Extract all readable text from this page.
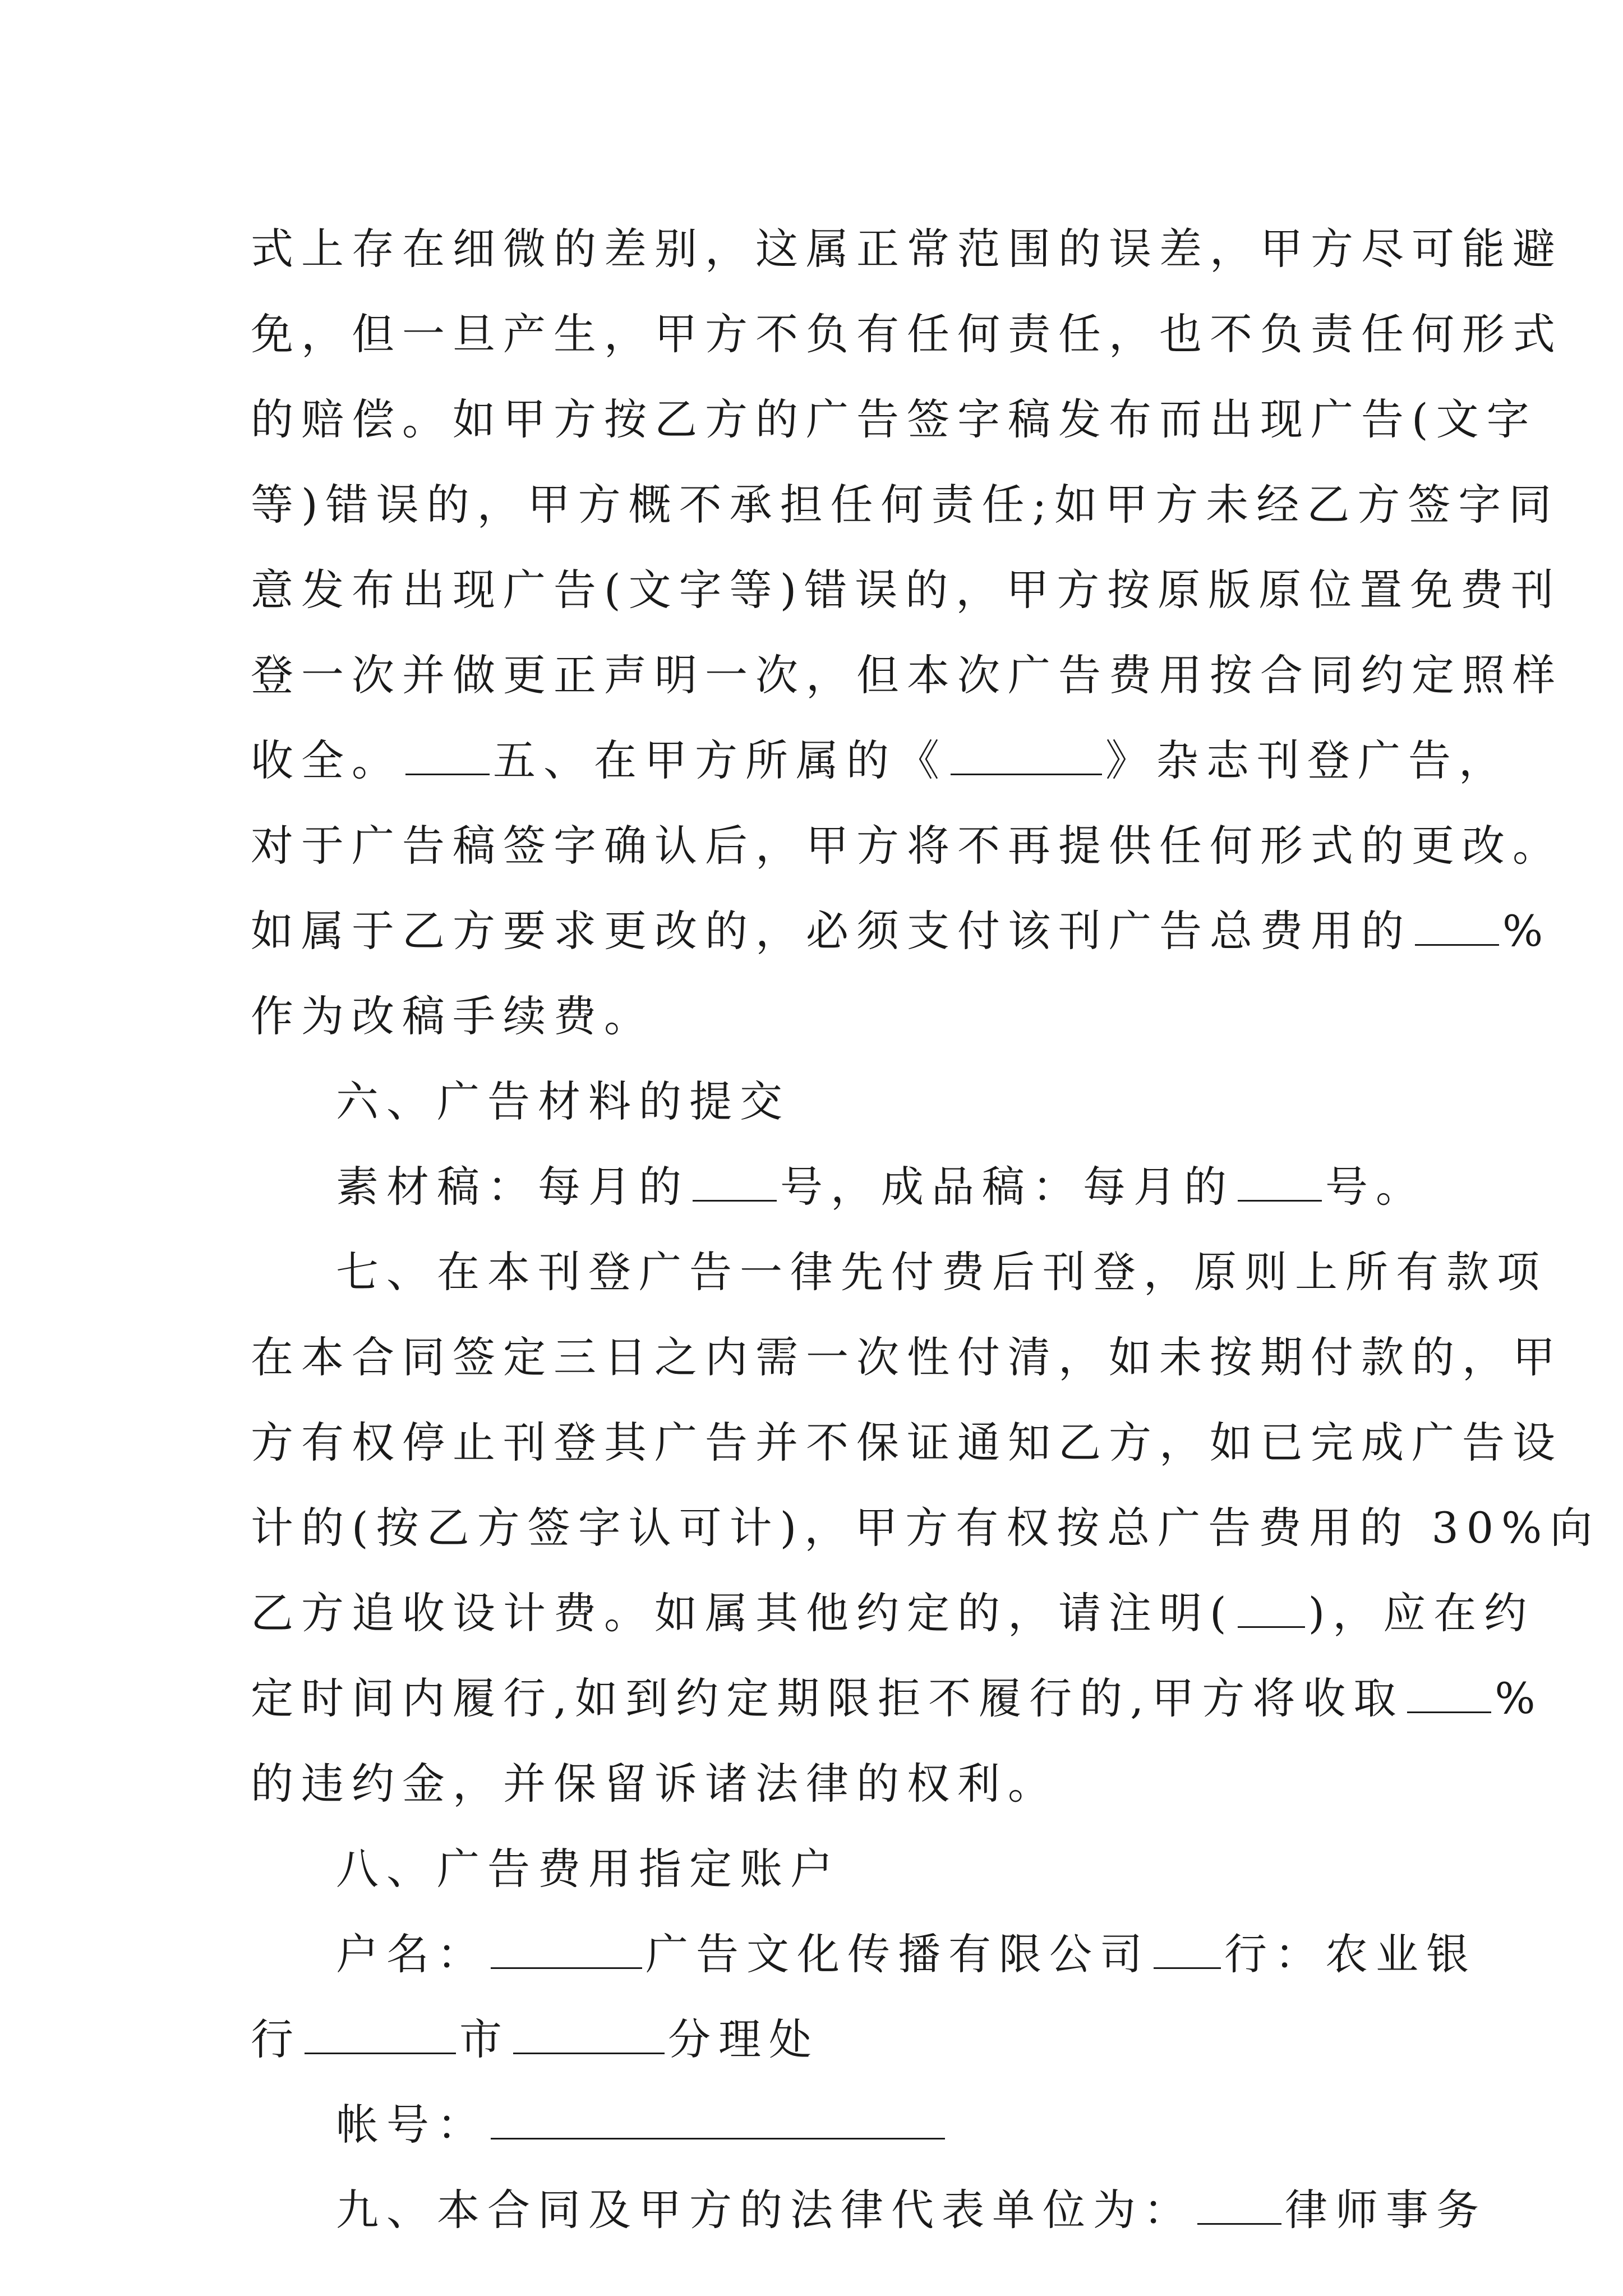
式上存在细微的差别，这属正常范围的误差，甲方尽可能避
免，但一旦产生，甲方不负有任何责任，也不负责任何形式
的赔偿。如甲方按乙方的广告签字稿发布而出现广告(文字
等)错误的，甲方概不承担任何责任;如甲方未经乙方签字同
意发布出现广告(文字等)错误的，甲方按原版原位置免费刊
登一次并做更正声明一次，但本次广告费用按合同约定照样
收全。 五、在甲方所属的《	》杂志刊登广告，
对于广告稿签字确认后，甲方将不再提供任何形式的更改。
如属于乙方要求更改的，必须支付该刊广告总费用的 %
作为改稿手续费。
六、广告材料的提交
素材稿：每月的 号，成品稿：每月的 号。
七、在本刊登广告一律先付费后刊登，原则上所有款项
在本合同签定三日之内需一次性付清，如未按期付款的，甲
方有权停止刊登其广告并不保证通知乙方，如已完成广告设
计的(按乙方签字认可计)，甲方有权按总广告费用的 30%向
乙方追收设计费。如属其他约定的，请注明( )，应在约
定时间内履行,如到约定期限拒不履行的,甲方将收取 %
的违约金，并保留诉诸法律的权利。
八、广告费用指定账户
户名：	广告文化传播有限公司 行：农业银
行	市	分理处
帐号：
九、本合同及甲方的法律代表单位为： 律师事务
